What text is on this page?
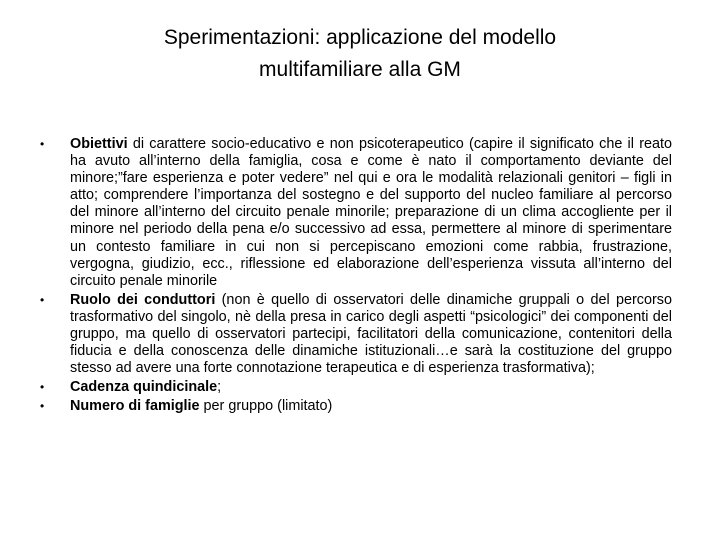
Sperimentazioni: applicazione del modello
multifamiliare alla GM
•	Obiettivi di carattere socio-educativo e non psicoterapeutico (capire il significato che il reato ha avuto all’interno della famiglia, cosa e come è nato il comportamento deviante del minore;”fare esperienza e poter vedere” nel qui e ora le modalità relazionali genitori – figli in atto; comprendere l’importanza del sostegno e del supporto del nucleo familiare al percorso del minore all’interno del circuito penale minorile; preparazione di un clima accogliente per il minore nel periodo della pena e/o successivo ad essa, permettere al minore di sperimentare un contesto familiare in cui non si percepiscano emozioni come rabbia, frustrazione, vergogna, giudizio, ecc., riflessione ed elaborazione dell’esperienza vissuta all’interno del circuito penale minorile
•	Ruolo dei conduttori (non è quello di osservatori delle dinamiche gruppali o del percorso trasformativo del singolo, nè della presa in carico degli aspetti “psicologici” dei componenti del gruppo, ma quello di osservatori partecipi, facilitatori della comunicazione, contenitori della fiducia e della conoscenza delle dinamiche istituzionali…e sarà la costituzione del gruppo stesso ad avere una forte connotazione terapeutica e di esperienza trasformativa);
•	Cadenza quindicinale;
•	Numero di famiglie per gruppo (limitato)
